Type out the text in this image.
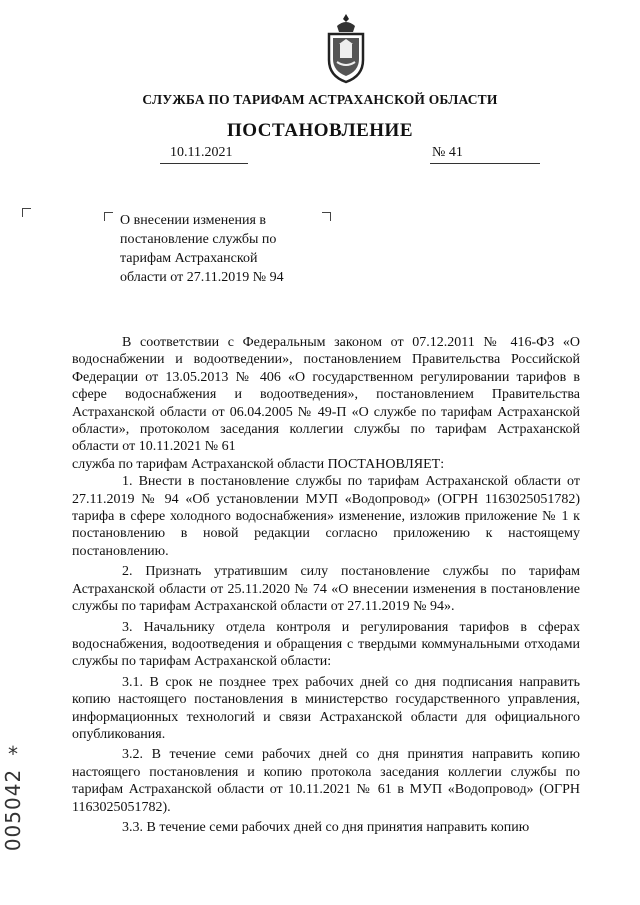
СЛУЖБА ПО ТАРИФАМ АСТРАХАНСКОЙ ОБЛАСТИ
ПОСТАНОВЛЕНИЕ
10.11.2021	№ 41

О внесении изменения в

постановление службы по

тарифам Астраханской

области от 27.11.2019 № 94

В соответствии с Федеральным законом от 07.12.2011 № 416-ФЗ «О водоснабжении и водоотведении», постановлением Правительства Российской Федерации от 13.05.2013 № 406 «О государственном регулировании тарифов в сфере водоснабжения и водоотведения», постановлением Правительства Астраханской области от 06.04.2005 № 49-П «О службе по тарифам Астраханской области», протоколом заседания коллегии службы по тарифам Астраханской области от 10.11.2021 № 61

служба по тарифам Астраханской области ПОСТАНОВЛЯЕТ:

1. Внести в постановление службы по тарифам Астраханской области от 27.11.2019 № 94 «Об установлении МУП «Водопровод» (ОГРН 1163025051782) тарифа в сфере холодного водоснабжения» изменение, изложив приложение № 1 к постановлению в новой редакции согласно приложению к настоящему постановлению.

2. Признать утратившим силу постановление службы по тарифам Астраханской области от 25.11.2020 № 74 «О внесении изменения в постановление службы по тарифам Астраханской области от 27.11.2019 № 94».

3. Начальнику отдела контроля и регулирования тарифов в сферах водоснабжения, водоотведения и обращения с твердыми коммунальными отходами службы по тарифам Астраханской области:

3.1. В срок не позднее трех рабочих дней со дня подписания направить копию настоящего постановления в министерство государственного управления, информационных технологий и связи Астраханской области для официального опубликования.

3.2. В течение семи рабочих дней со дня принятия направить копию настоящего постановления и копию протокола заседания коллегии службы по тарифам Астраханской области от 10.11.2021 № 61 в МУП «Водопровод» (ОГРН 1163025051782).

3.3. В течение семи рабочих дней со дня принятия направить копию

*
005042
